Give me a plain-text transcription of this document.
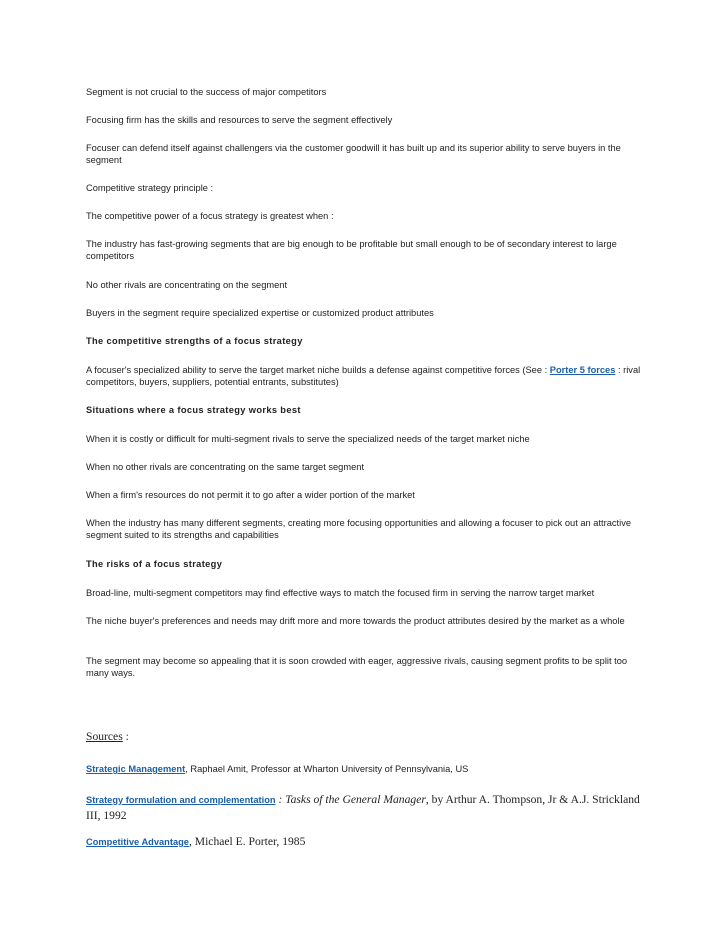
Segment is not crucial to the success of major competitors

Focusing firm has the skills and resources to serve the segment effectively

Focuser can defend itself against challengers via the customer goodwill it has built up and its superior ability to serve buyers in the segment

Competitive strategy principle :

The competitive power of a focus strategy is greatest when :

The industry has fast-growing segments that are big enough to be profitable but small enough to be of secondary interest to large competitors

No other rivals are concentrating on the segment

Buyers in the segment require specialized expertise or customized product attributes

The competitive strengths of a focus strategy

A focuser's specialized ability to serve the target market niche builds a defense against competitive forces (See : Porter 5 forces : rival competitors, buyers, suppliers, potential entrants, substitutes)

Situations where a focus strategy works best

When it is costly or difficult for multi-segment rivals to serve the specialized needs of the target market niche

When no other rivals are concentrating on the same target segment

When a firm's resources do not permit it to go after a wider portion of the market

When the industry has many different segments, creating more focusing opportunities and allowing a focuser to pick out an attractive segment suited to its strengths and capabilities

The risks of a focus strategy

Broad-line, multi-segment competitors may find effective ways to match the focused firm in serving the narrow target market

The niche buyer's preferences and needs may drift more and more towards the product attributes desired by the market as a whole

The segment may become so appealing that it is soon crowded with eager, aggressive rivals, causing segment profits to be split too many ways.

Sources :

Strategic Management, Raphael Amit, Professor at Wharton University of Pennsylvania, US

Strategy formulation and complementation : Tasks of the General Manager, by Arthur A. Thompson, Jr & A.J. Strickland III, 1992

Competitive Advantage, Michael E. Porter, 1985
